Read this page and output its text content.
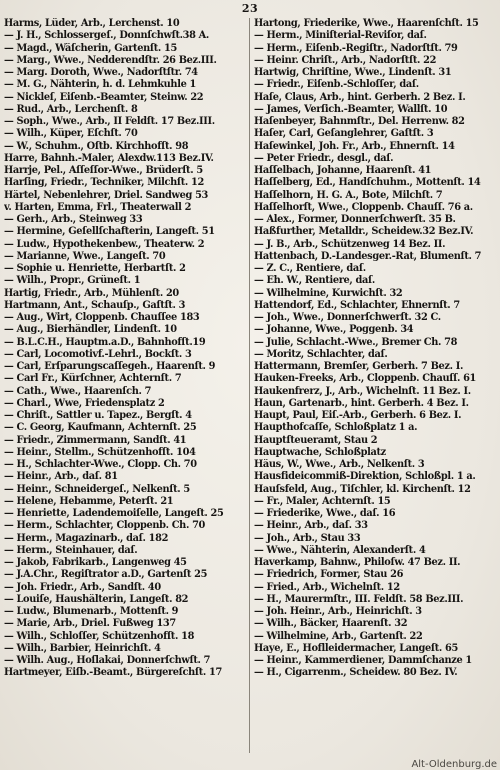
23
Harms, Lüder, Arb., Lerchenst. 10
— J. H., Schlossergeſ., Donnſchwſt.38 A.
— Magd., Wäſcherin, Gartenſt. 15
— Marg., Wwe., Nedderendſtr. 26 Bez.III.
— Marg. Doroth, Wwe., Nadorſtſtr. 74
— M. G., Nähterin, h. d. Lehmkuhle 1
— Nickleſ, Eiſenb.-Beamter, Steinw. 22
— Rud., Arb., Lerchenſt. 8
— Soph., Wwe., Arb., II Feldſt. 17 Bez.III.
— Wilh., Küper, Eſchſt. 70
— W., Schuhm., Oſtb. Kirchhofſt. 98
Harre, Bahnh.-Maler, Alexdw.113 Bez.IV.
Harrje, Pel., Aſſeſſor-Wwe., Brüderſt. 5
Harſing, Friedr., Techniker, Milchſt. 12
Härtel, Nebenlehrer, Driel. Sandweg 53
v. Harten, Emma, Frl., Theaterwall 2
— Gerh., Arb., Steinweg 33
— Hermine, Geſellſchafterin, Langeſt. 51
— Ludw., Hypothekenbew., Theaterw. 2
— Marianne, Wwe., Langeſt. 70
— Sophie u. Henriette, Herbartſt. 2
— Wilh., Propr., Grüneſt. 1
Hartig, Friedr., Arb., Mühlenſt. 20
Hartmann, Ant., Schauſp., Gaſtſt. 3
— Aug., Wirt, Cloppenb. Chauſſee 183
— Aug., Bierhändler, Lindenſt. 10
— B.L.C.H., Hauptm.a.D., Bahnhofſt.19
— Carl, Locomotivf.-Lehrl., Bockſt. 3
— Carl, Erſparungscaſſegeh., Haarenſt. 9
— Carl Fr., Kürſchner, Achternſt. 7
— Cath., Wwe., Haarenſch. 7
— Charl., Wwe, Friedensplatz 2
— Chriſt., Sattler u. Tapez., Bergſt. 4
— C. Georg, Kaufmann, Achternſt. 25
— Friedr., Zimmermann, Sandſt. 41
— Heinr., Stellm., Schützenhofſt. 104
— H., Schlachter-Wwe., Clopp. Ch. 70
— Heinr., Arb., daſ. 81
— Heinr., Schneidergeſ., Nelkenſt. 5
— Helene, Hebamme, Peterſt. 21
— Henriette, Ladendemoiſelle, Langeſt. 25
— Herm., Schlachter, Cloppenb. Ch. 70
— Herm., Magazinarb., daſ. 182
— Herm., Steinhauer, daſ.
— Jakob, Fabrikarb., Langenweg 45
— J.A.Chr., Regiſtrator a.D., Gartenſt 25
— Joh. Friedr., Arb., Sandſt. 40
— Louiſe, Haushälterin, Langeſt. 82
— Ludw., Blumenarb., Mottenſt. 9
— Marie, Arb., Driel. Fußweg 137
— Wilh., Schloſſer, Schützenhofſt. 18
— Wilh., Barbier, Heinrichſt. 4
— Wilh. Aug., Hoſlakai, Donnerſchwſt. 7
Hartmeyer, Eiſb.-Beamt., Bürgereſchſt. 17
Hartong, Friederike, Wwe., Haarenſchſt. 15
— Herm., Miniſterial-Reviſor, daſ.
— Herm., Eiſenb.-Regiſtr., Nadorſtſt. 79
— Heinr. Chriſt., Arb., Nadorſtſt. 22
Hartwig, Chriſtine, Wwe., Lindenſt. 31
— Friedr., Eiſenb.-Schloſſer, daſ.
Haſe, Claus, Arb., hint. Gerberh. 2 Bez. I.
— James, Verſich.-Beamter, Wallſt. 10
Haſenbeyer, Bahnmſtr., Del. Herrenw. 82
Haſer, Carl, Geſanglehrer, Gaſtſt. 3
Haſewinkel, Joh. Fr., Arb., Ehnernſt. 14
— Peter Friedr., desgl., daſ.
Haſſelbach, Johanne, Haarenſt. 41
Haſſelberg, Ed., Handſchuhm., Mottenſt. 14
Haſſelhorn, H. G. A., Bote, Milchſt. 7
Haſſelhorſt, Wwe., Cloppenb. Chauſſ. 76 a.
— Alex., Former, Donnerſchwerſt. 35 B.
Haßfurther, Metalldr., Scheidew.32 Bez.IV.
— J. B., Arb., Schützenweg 14 Bez. II.
Hattenbach, D.-Landesger.-Rat, Blumenſt. 7
— Z. C., Rentiere, daſ.
— Eh. W., Rentiere, daſ.
— Wilhelmine, Kurwichſt. 32
Hattendorf, Ed., Schlachter, Ehnernſt. 7
— Joh., Wwe., Donnerſchwerſt. 32 C.
— Johanne, Wwe., Poggenb. 34
— Julie, Schlacht.-Wwe., Bremer Ch. 78
— Moritz, Schlachter, daſ.
Hattermann, Bremſer, Gerberh. 7 Bez. I.
Hauken-Freeks, Arb., Cloppenb. Chauſſ. 61
Haukenfrerz, J., Arb., Wichelnſt. 11 Bez. I.
Haun, Gartenarb., hint. Gerberh. 4 Bez. I.
Haupt, Paul, Eiſ.-Arb., Gerberh. 6 Bez. I.
Haupthofcaſſe, Schloßplatz 1 a.
Hauptſteueramt, Stau 2
Hauptwache, Schloßplatz
Häus, W., Wwe., Arb., Nelkenſt. 3
Hausfideicommiß-Direktion, Schloßpl. 1 a.
Hauſsfeld, Aug., Tiſchler, kl. Kirchenſt. 12
— Fr., Maler, Achternſt. 15
— Friederike, Wwe., daſ. 16
— Heinr., Arb., daſ. 33
— Joh., Arb., Stau 33
— Wwe., Nähterin, Alexanderſt. 4
Haverkamp, Bahnw., Philoſw. 47 Bez. II.
— Friedrich, Former, Stau 26
— Fried., Arb., Wichelnſt. 12
— H., Maurermſtr., III. Feldſt. 58 Bez.III.
— Joh. Heinr., Arb., Heinrichſt. 3
— Wilh., Bäcker, Haarenſt. 32
— Wilhelmine, Arb., Gartenſt. 22
Haye, E., Hoflleidermacher, Langeſt. 65
— Heinr., Kammerdiener, Dammſchanze 1
— H., Cigarrenm., Scheidew. 80 Bez. IV.
Alt-Oldenburg.de
